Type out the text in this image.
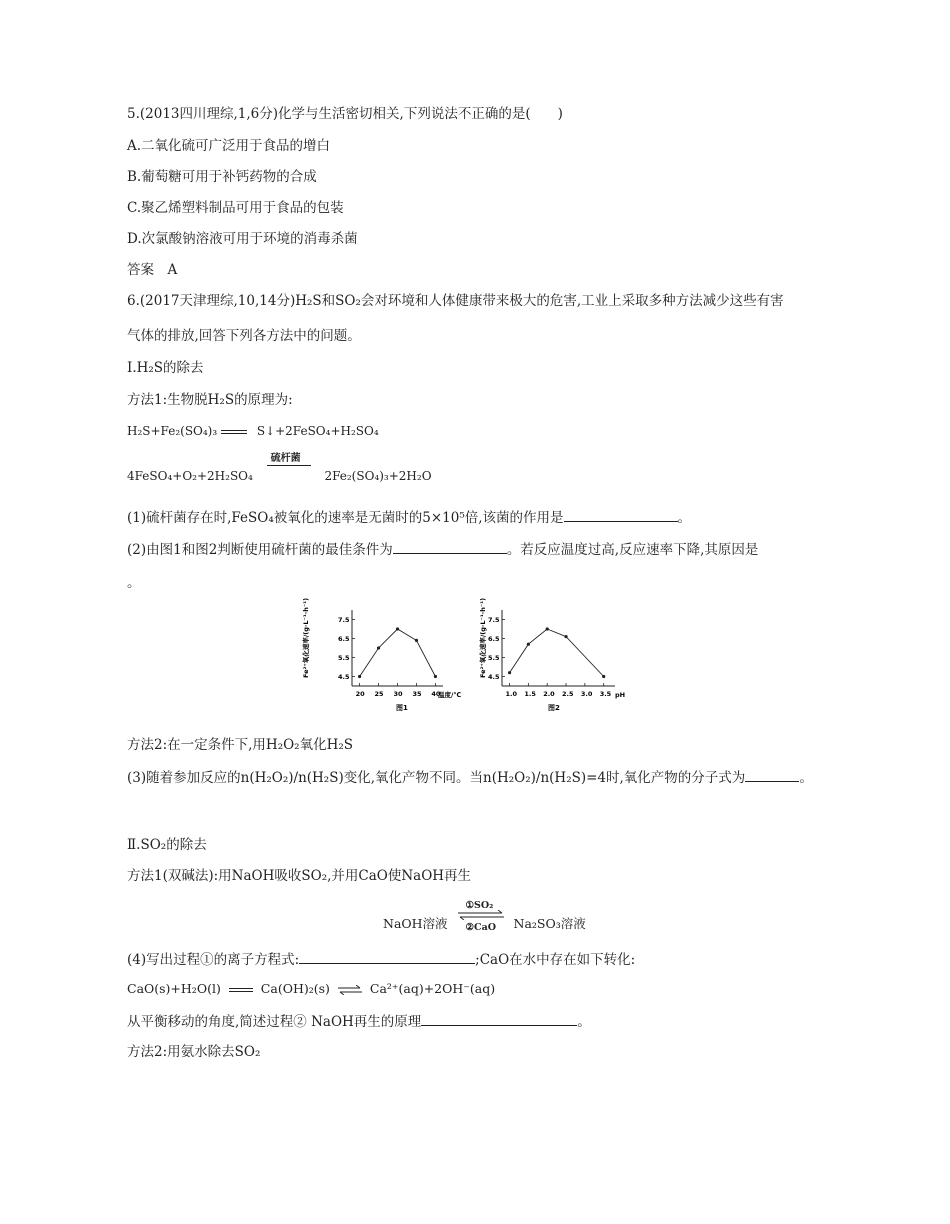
5.(2013四川理综,1,6分)化学与生活密切相关,下列说法不正确的是(　　)
A.二氧化硫可广泛用于食品的增白
B.葡萄糖可用于补钙药物的合成
C.聚乙烯塑料制品可用于食品的包装
D.次氯酸钠溶液可用于环境的消毒杀菌
答案　A
6.(2017天津理综,10,14分)H₂S和SO₂会对环境和人体健康带来极大的危害,工业上采取多种方法减少这些有害
气体的排放,回答下列各方法中的问题。
Ⅰ.H₂S的除去
方法1:生物脱H₂S的原理为:
H₂S+Fe₂(SO₄)₃	S↓+2FeSO₄+H₂SO₄
4FeSO₄+O₂+2H₂SO₄
硫杆菌
2Fe₂(SO₄)₃+2H₂O
(1)硫杆菌存在时,FeSO₄被氧化的速率是无菌时的5×10⁵倍,该菌的作用是	。
(2)由图1和图2判断使用硫杆菌的最佳条件为	。若反应温度过高,反应速率下降,其原因是
。
Fe²⁺氧化速率/(g·L⁻¹·h⁻¹)	4.5
5.5
6.5
7.5
20 25 30 35 40
温度/℃
图1
Fe²⁺氧化速率/(g·L⁻¹·h⁻¹) 4.5
5.5
6.5
7.5
1.0 1.5 2.0 2.5 3.0 3.5 pH
图2
方法2:在一定条件下,用H₂O₂氧化H₂S
(3)随着参加反应的n(H₂O₂)/n(H₂S)变化,氧化产物不同。当n(H₂O₂)/n(H₂S)=4时,氧化产物的分子式为	。
Ⅱ.SO₂的除去
方法1(双碱法):用NaOH吸收SO₂,并用CaO使NaOH再生
NaOH溶液
①SO₂
②CaO Na₂SO₃溶液
(4)写出过程①的离子方程式:	;CaO在水中存在如下转化:
CaO(s)+H₂O(l)	Ca(OH)₂(s) ⇌ Ca²⁺(aq)+2OH⁻(aq)
从平衡移动的角度,简述过程② NaOH再生的原理	。
方法2:用氨水除去SO₂
